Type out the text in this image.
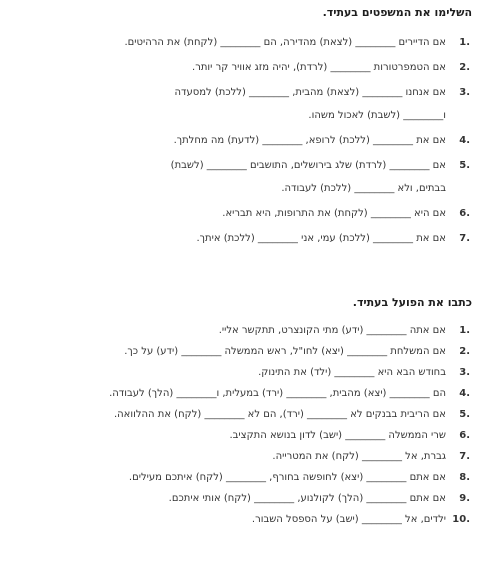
השלימו את המשפטים בעתיד.
.1
אם הדיירים ________ (לצאת) מהדירה, הם ________ (לקחת) את הרהיטים.
.2
אם הטמפרטורות ________ (לרדת), יהיה מזג אוויר קר יותר.
.3
אם אנחנו ________ (לצאת) מהבית, ________ (ללכת) למסעדה
ו________ (לשבת) לאכול משהו.
.4
אם את ________ (ללכת) לרופא, ________ (לדעת) מה מחלתך.
.5
אם ________ (לרדת) שלג בירושלים, התושבים ________ (לשבת)
בבתים, ולא ________ (ללכת) לעבודה.
.6
אם היא ________ (לקחת) את התרופות, היא תבריא.
.7
אם את ________ (ללכת) עמי, אני ________ (ללכת) איתך.
כתבו את הפועל בעתיד.
.1
אם אתה ________ (ידע) מתי הקונצרט, תתקשר אליי.
.2
אם המשלחת ________ (יצא) לחו"ל, ראש הממשלה ________ (ידע) על כך.
.3
בחודש הבא היא ________ (ילד) את התינוק.
.4
הם ________ (יצא) מהבית, ________ (ירד) במעלית, ו________ (הלך) לעבודה.
.5
אם הריבית בבנקים לא ________ (ירד), הם לא ________ (לקח) את ההלוואה.
.6
שרי הממשלה ________ (ישב) לדון בנושא התקציב.
.7
גברת, אל ________ (לקח) את המטרייה.
.8
אם אתם ________ (יצא) לחופשה בחורף, ________ (לקח) איתכם מעילים.
.9
אם אתם ________ (הלך) לקולנוע, ________ (לקח) אותי איתכם.
.10
ילדים, אל ________ (ישב) על הספסל השבור.
